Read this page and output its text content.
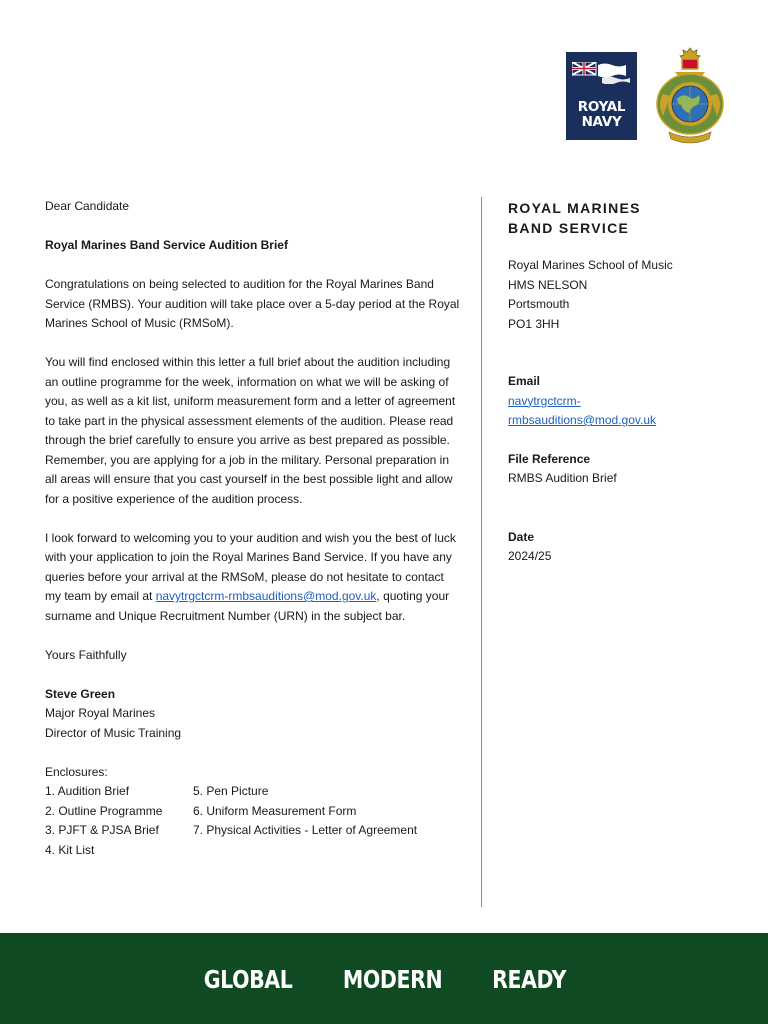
ROYAL
NAVY

Dear Candidate

Royal Marines Band Service Audition Brief

Congratulations on being selected to audition for the Royal Marines Band Service (RMBS). Your audition will take place over a 5-day period at the Royal Marines School of Music (RMSoM).

You will find enclosed within this letter a full brief about the audition including an outline programme for the week, information on what we will be asking of you, as well as a kit list, uniform measurement form and a letter of agreement to take part in the physical assessment elements of the audition. Please read through the brief carefully to ensure you arrive as best prepared as possible. Remember, you are applying for a job in the military. Personal preparation in all areas will ensure that you cast yourself in the best possible light and allow for a positive experience of the audition process.

I look forward to welcoming you to your audition and wish you the best of luck with your application to join the Royal Marines Band Service. If you have any queries before your arrival at the RMSoM, please do not hesitate to contact my team by email at navytrgctcrm-rmbsauditions@mod.gov.uk, quoting your surname and Unique Recruitment Number (URN) in the subject bar.

Yours Faithfully

Steve Green
Major Royal Marines
Director of Music Training
Enclosures:
1. Audition Brief
2. Outline Programme
3. PJFT & PJSA Brief
4. Kit List
5. Pen Picture
6. Uniform Measurement Form
7. Physical Activities - Letter of Agreement
ROYAL MARINES
BAND SERVICE
Royal Marines School of Music
HMS NELSON
Portsmouth
PO1 3HH
Email
navytrgctcrm-
rmbsauditions@mod.gov.uk
File Reference
RMBS Audition Brief
Date
2024/25
GLOBAL MODERN READY
